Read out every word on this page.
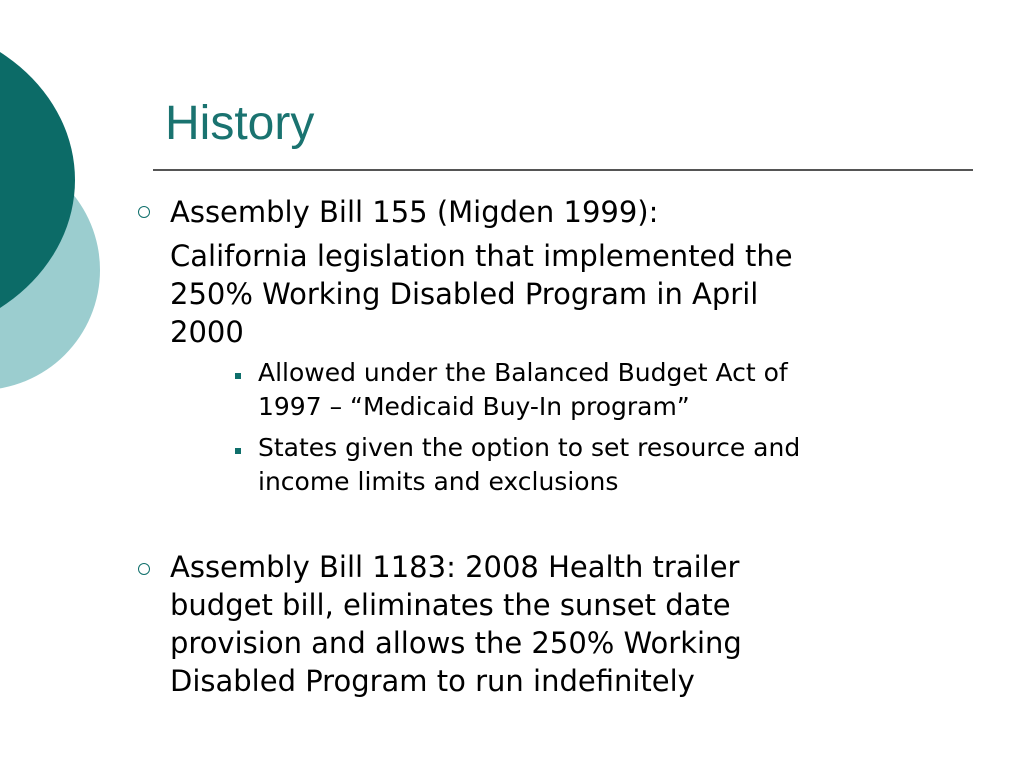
History
Assembly Bill 155 (Migden 1999):
California legislation that implemented the
250% Working Disabled Program in April
2000
Allowed under the Balanced Budget Act of
1997 – “Medicaid Buy-In program”
States given the option to set resource and
income limits and exclusions
Assembly Bill 1183: 2008 Health trailer
budget bill, eliminates the sunset date
provision and allows the 250% Working
Disabled Program to run indefinitely
